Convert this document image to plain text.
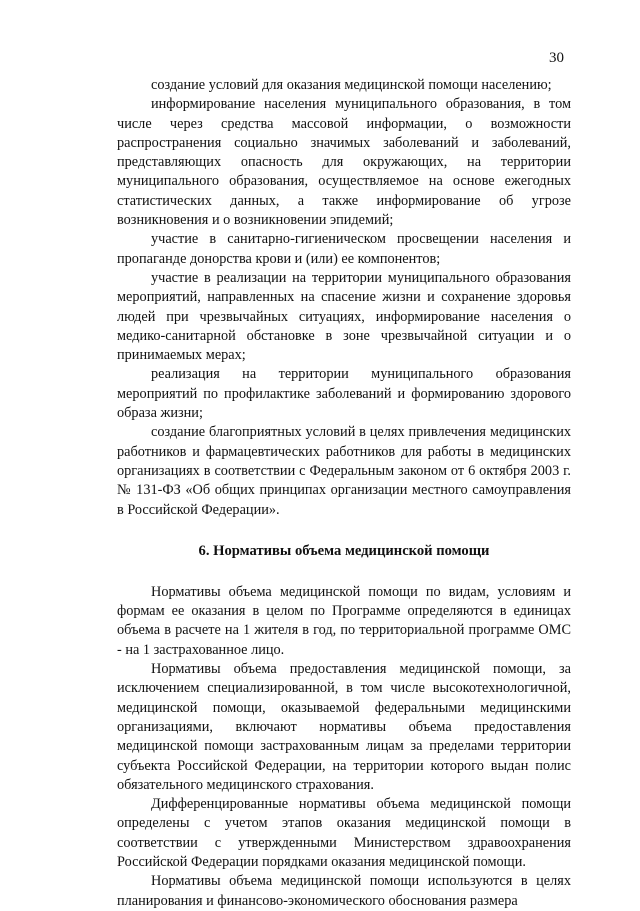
30

создание условий для оказания медицинской помощи населению;

информирование населения муниципального образования, в том числе через средства массовой информации, о возможности распространения социально значимых заболеваний и заболеваний, представляющих опасность для окружающих, на территории муниципального образования, осуществляемое на основе ежегодных статистических данных, а также информирование об угрозе возникновения и о возникновении эпидемий;

участие в санитарно-гигиеническом просвещении населения и пропаганде донорства крови и (или) ее компонентов;

участие в реализации на территории муниципального образования мероприятий, направленных на спасение жизни и сохранение здоровья людей при чрезвычайных ситуациях, информирование населения о медико-санитарной обстановке в зоне чрезвычайной ситуации и о принимаемых мерах;

реализация на территории муниципального образования мероприятий по профилактике заболеваний и формированию здорового образа жизни;

создание благоприятных условий в целях привлечения медицинских работников и фармацевтических работников для работы в медицинских организациях в соответствии с Федеральным законом от 6 октября 2003 г. № 131-ФЗ «Об общих принципах организации местного самоуправления в Российской Федерации».

6. Нормативы объема медицинской помощи

Нормативы объема медицинской помощи по видам, условиям и формам ее оказания в целом по Программе определяются в единицах объема в расчете на 1 жителя в год, по территориальной программе ОМС - на 1 застрахованное лицо.

Нормативы объема предоставления медицинской помощи, за исключением специализированной, в том числе высокотехнологичной, медицинской помощи, оказываемой федеральными медицинскими организациями, включают нормативы объема предоставления медицинской помощи застрахованным лицам за пределами территории субъекта Российской Федерации, на территории которого выдан полис обязательного медицинского страхования.

Дифференцированные нормативы объема медицинской помощи определены с учетом этапов оказания медицинской помощи в соответствии с утвержденными Министерством здравоохранения Российской Федерации порядками оказания медицинской помощи.

Нормативы объема медицинской помощи используются в целях планирования и финансово-экономического обоснования размера
